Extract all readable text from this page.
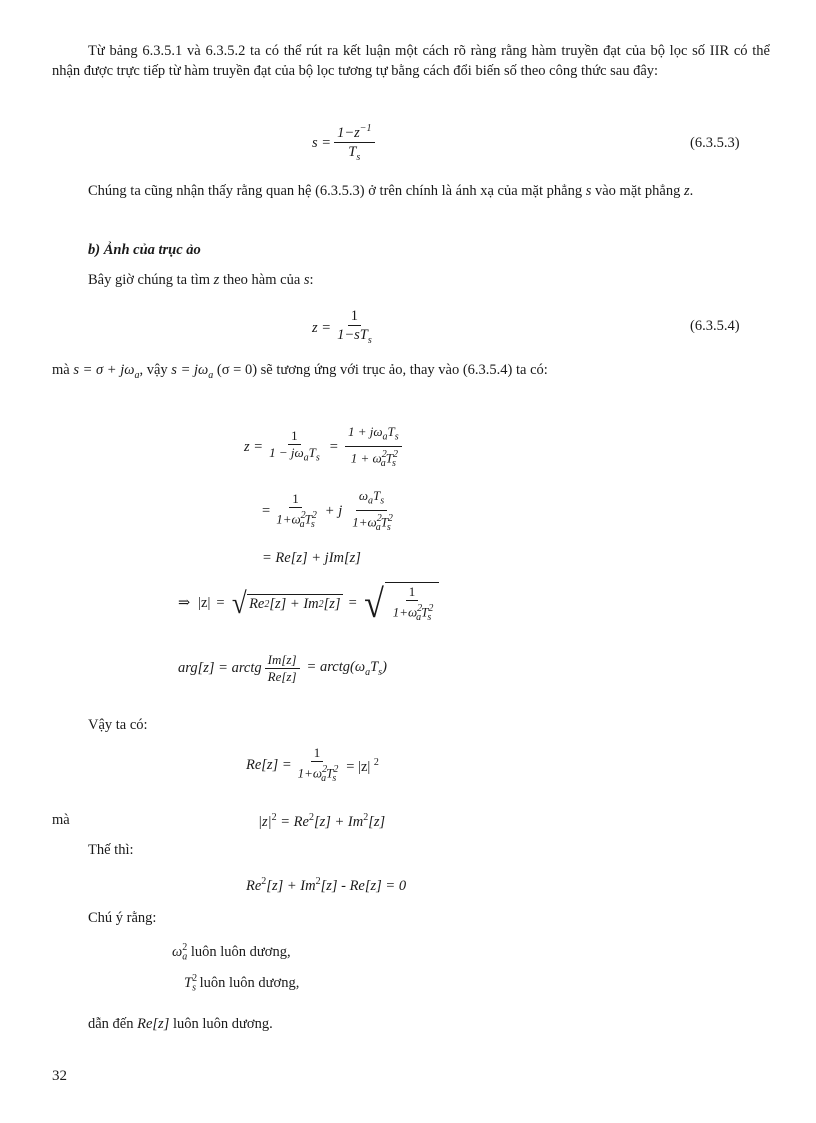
Từ bảng 6.3.5.1 và 6.3.5.2 ta có thể rút ra kết luận một cách rõ ràng rằng hàm truyền đạt của bộ lọc số IIR có thể nhận được trực tiếp từ hàm truyền đạt của bộ lọc tương tự bằng cách đổi biến số theo công thức sau đây:
$s = \frac{1-z^{-1}}{T_s}$	(6.3.5.3)
Chúng ta cũng nhận thấy rằng quan hệ (6.3.5.3) ở trên chính là ánh xạ của mặt phẳng s vào mặt phẳng z.
b) Ảnh của trục ảo
Bây giờ chúng ta tìm z theo hàm của s:
$z = \frac{1}{1-sT_s}$	(6.3.5.4)
mà $s = \sigma + j\omega_a$, vậy $s = j\omega_a$ (σ = 0) sẽ tương ứng với trục ảo, thay vào (6.3.5.4) ta có:
$z = \frac{1}{1 - j\omega_aT_s} = \frac{1 + j\omega_aT_s}{1 + \omega^2_aT^2_s}$
= $\frac{1}{1+\omega^2_aT^2_s} + j \frac{\omega_aT_s}{1+\omega^2_aT^2_s}$
= Re[z] + jIm[z]
⇒ |z| = √ Re 2 [z] + Im 2 [z] = √ $\frac{1}{1+\omega^2_aT^2_s}$
arg[z] = arctg $\frac{Im[z]}{Re[z]}$ = $arctg(\omega_aT_s)$
Vậy ta có:
$Re[z] = \frac{1}{1+\omega^2_aT^2_s} = |z|$ $^2$
mà	$|z|^2 = Re^2[z] + Im^2[z]$
Thế thì:
$Re^2[z] + Im^2[z] - Re[z] = 0$
Chú ý rằng:
$\omega^2_a$ luôn luôn dương,
$T^2_s$ luôn luôn dương,
dẫn đến Re[z] luôn luôn dương.
32
